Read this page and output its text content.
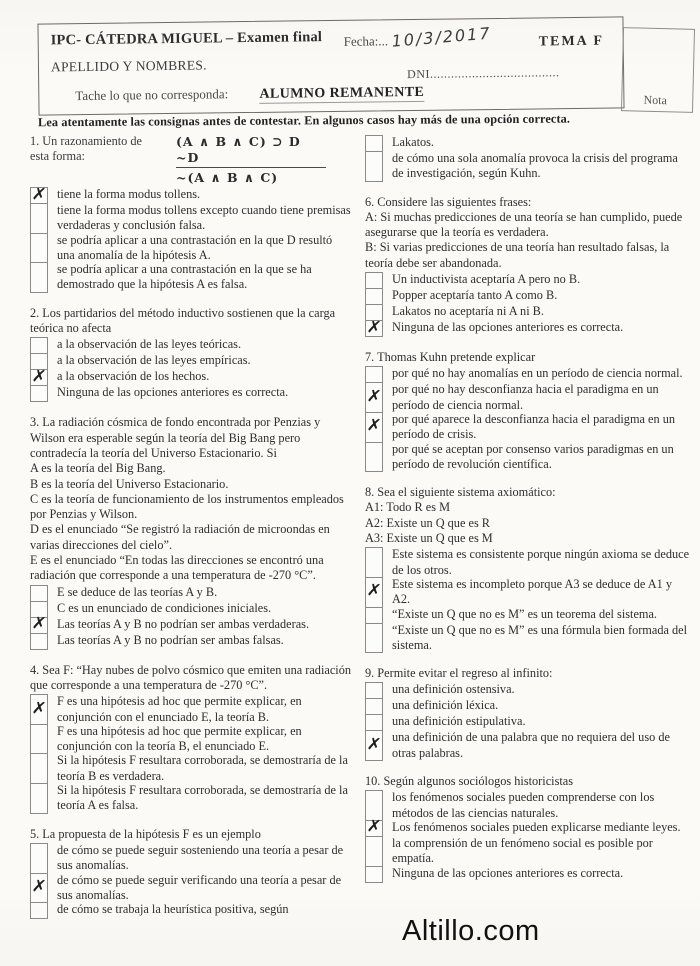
IPC- CÁTEDRA MIGUEL – Examen final Fecha:... 10/3/2017	TEMA F
APELLIDO Y NOMBRES.	DNI.....................................
Tache lo que no corresponda: ALUMNO REMANENTE	Nota
Lea atentamente las consignas antes de contestar. En algunos casos hay más de una opción correcta.
1. Un razonamiento de esta forma:
(A ∧ B ∧ C) ⊃ D
~D
~(A ∧ B ∧ C)
✗ tiene la forma modus tollens.
tiene la forma modus tollens excepto cuando tiene premisas verdaderas y conclusión falsa.
se podría aplicar a una contrastación en la que D resultó una anomalía de la hipótesis A.
se podría aplicar a una contrastación en la que se ha demostrado que la hipótesis A es falsa.
2. Los partidarios del método inductivo sostienen que la carga teórica no afecta
a la observación de las leyes teóricas.
a la observación de las leyes empíricas.
✗ a la observación de los hechos.
Ninguna de las opciones anteriores es correcta.
3. La radiación cósmica de fondo encontrada por Penzias y Wilson era esperable según la teoría del Big Bang pero contradecía la teoría del Universo Estacionario. Si
A es la teoría del Big Bang.
B es la teoría del Universo Estacionario.
C es la teoría de funcionamiento de los instrumentos empleados por Penzias y Wilson.
D es el enunciado “Se registró la radiación de microondas en varias direcciones del cielo”.
E es el enunciado “En todas las direcciones se encontró una radiación que corresponde a una temperatura de -270 °C”.
E se deduce de las teorías A y B.
C es un enunciado de condiciones iniciales.
✗ Las teorías A y B no podrían ser ambas verdaderas.
Las teorías A y B no podrían ser ambas falsas.
4. Sea F: “Hay nubes de polvo cósmico que emiten una radiación que corresponde a una temperatura de -270 °C”.
✗ F es una hipótesis ad hoc que permite explicar, en conjunción con el enunciado E, la teoría B.
F es una hipótesis ad hoc que permite explicar, en conjunción con la teoría B, el enunciado E.
Si la hipótesis F resultara corroborada, se demostraría de la teoría B es verdadera.
Si la hipótesis F resultara corroborada, se demostraría de la teoría A es falsa.
5. La propuesta de la hipótesis F es un ejemplo
de cómo se puede seguir sosteniendo una teoría a pesar de sus anomalías.
✗ de cómo se puede seguir verificando una teoría a pesar de sus anomalías.
de cómo se trabaja la heurística positiva, según
Lakatos.
de cómo una sola anomalía provoca la crisis del programa de investigación, según Kuhn.
6. Considere las siguientes frases:
A: Si muchas predicciones de una teoría se han cumplido, puede asegurarse que la teoría es verdadera.
B: Si varias predicciones de una teoría han resultado falsas, la teoría debe ser abandonada.
Un inductivista aceptaría A pero no B.
Popper aceptaría tanto A como B.
Lakatos no aceptaría ni A ni B.
✗ Ninguna de las opciones anteriores es correcta.
7. Thomas Kuhn pretende explicar
por qué no hay anomalías en un período de ciencia normal.
✗ por qué no hay desconfianza hacia el paradigma en un período de ciencia normal.
✗ por qué aparece la desconfianza hacia el paradigma en un período de crisis.
por qué se aceptan por consenso varios paradigmas en un período de revolución científica.
8. Sea el siguiente sistema axiomático:
A1: Todo R es M
A2: Existe un Q que es R
A3: Existe un Q que es M
Este sistema es consistente porque ningún axioma se deduce de los otros.
✗ Este sistema es incompleto porque A3 se deduce de A1 y A2.
“Existe un Q que no es M” es un teorema del sistema.
“Existe un Q que no es M” es una fórmula bien formada del sistema.
9. Permite evitar el regreso al infinito:
una definición ostensiva.
una definición léxica.
una definición estipulativa.
✗ una definición de una palabra que no requiera del uso de otras palabras.
10. Según algunos sociólogos historicistas
los fenómenos sociales pueden comprenderse con los métodos de las ciencias naturales.
✗ Los fenómenos sociales pueden explicarse mediante leyes.
la comprensión de un fenómeno social es posible por empatía.
Ninguna de las opciones anteriores es correcta.
Altillo.com
